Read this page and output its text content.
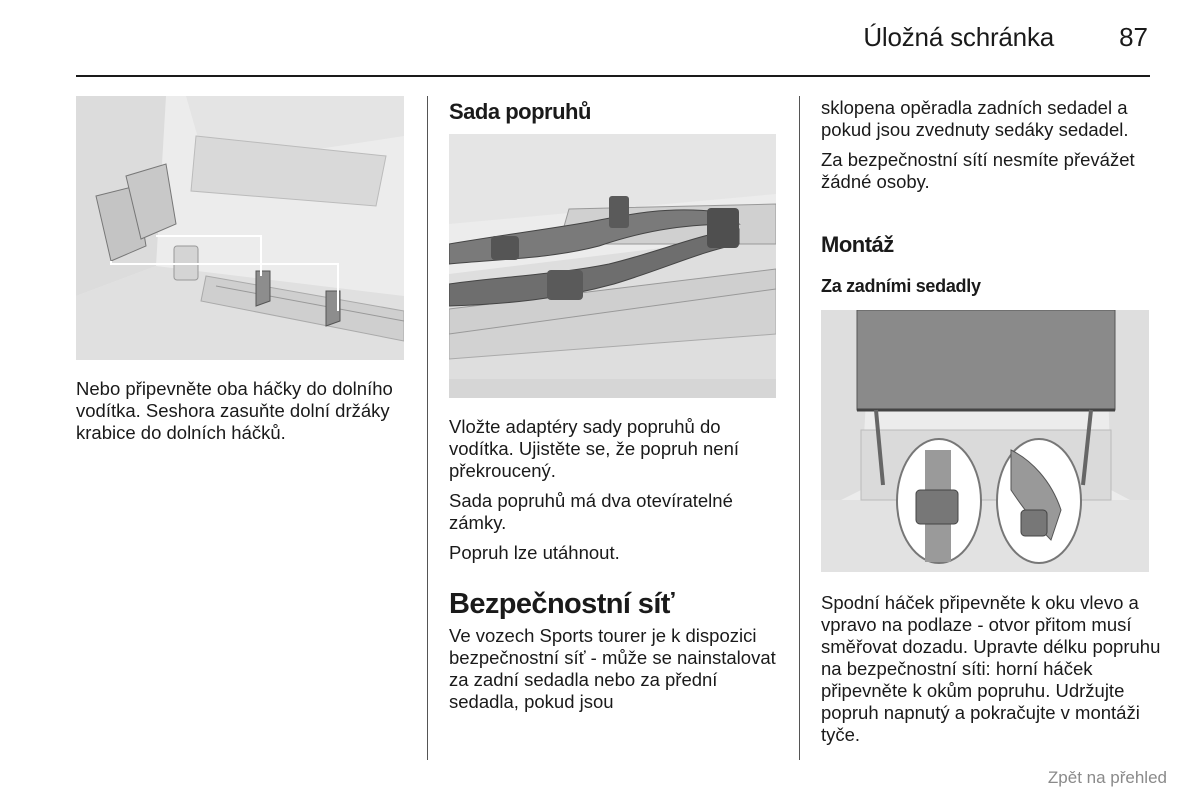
Úložná schránka	87

Nebo připevněte oba háčky do dolního vodítka. Seshora zasuňte dolní držáky krabice do dolních háčků.

Sada popruhů

Vložte adaptéry sady popruhů do vodítka. Ujistěte se, že popruh není překroucený.

Sada popruhů má dva otevíratelné zámky.

Popruh lze utáhnout.

Bezpečnostní síť

Ve vozech Sports tourer je k dispozici bezpečnostní síť - může se nainstalovat za zadní sedadla nebo za přední sedadla, pokud jsou

sklopena opěradla zadních sedadel a pokud jsou zvednuty sedáky sedadel.

Za bezpečnostní sítí nesmíte převážet žádné osoby.

Montáž
Za zadními sedadly

Spodní háček připevněte k oku vlevo a vpravo na podlaze - otvor přitom musí směřovat dozadu. Upravte délku popruhu na bezpečnostní síti: horní háček připevněte k okům popruhu. Udržujte popruh napnutý a pokračujte v montáži tyče.

Zpět na přehled
